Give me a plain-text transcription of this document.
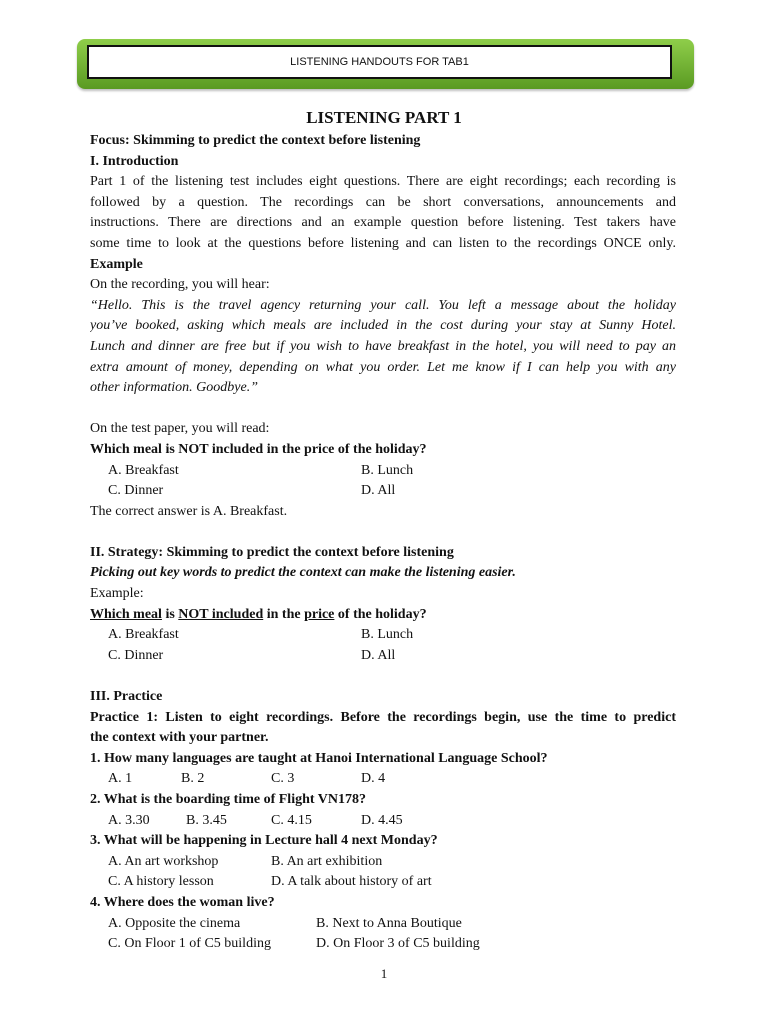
LISTENING HANDOUTS FOR TAB1
LISTENING PART 1
Focus: Skimming to predict the context before listening
I. Introduction
Part 1 of the listening test includes eight questions. There are eight recordings; each recording is
followed by a question. The recordings can be short conversations, announcements and
instructions. There are directions and an example question before listening. Test takers have
some time to look at the questions before listening and can listen to the recordings ONCE only.
Example
On the recording, you will hear:
“Hello. This is the travel agency returning your call. You left a message about the holiday
you’ve booked, asking which meals are included in the cost during your stay at Sunny Hotel.
Lunch and dinner are free but if you wish to have breakfast in the hotel, you will need to pay an
extra amount of money, depending on what you order. Let me know if I can help you with any
other information. Goodbye.”
On the test paper, you will read:
Which meal is NOT included in the price of the holiday?
A. Breakfast	B. Lunch
C. Dinner	D. All
The correct answer is A. Breakfast.
II. Strategy: Skimming to predict the context before listening
Picking out key words to predict the context can make the listening easier.
Example:
Which meal is NOT included in the price of the holiday?
A. Breakfast	B. Lunch
C. Dinner	D. All
III. Practice
Practice 1: Listen to eight recordings. Before the recordings begin, use the time to predict
the context with your partner.
1. How many languages are taught at Hanoi International Language School?
A. 1	B. 2	C. 3	D. 4
2. What is the boarding time of Flight VN178?
A. 3.30	B. 3.45	C. 4.15	D. 4.45
3. What will be happening in Lecture hall 4 next Monday?
A. An art workshop	B. An art exhibition
C. A history lesson	D. A talk about history of art
4. Where does the woman live?
A. Opposite the cinema	B. Next to Anna Boutique
C. On Floor 1 of C5 building	D. On Floor 3 of C5 building
1
